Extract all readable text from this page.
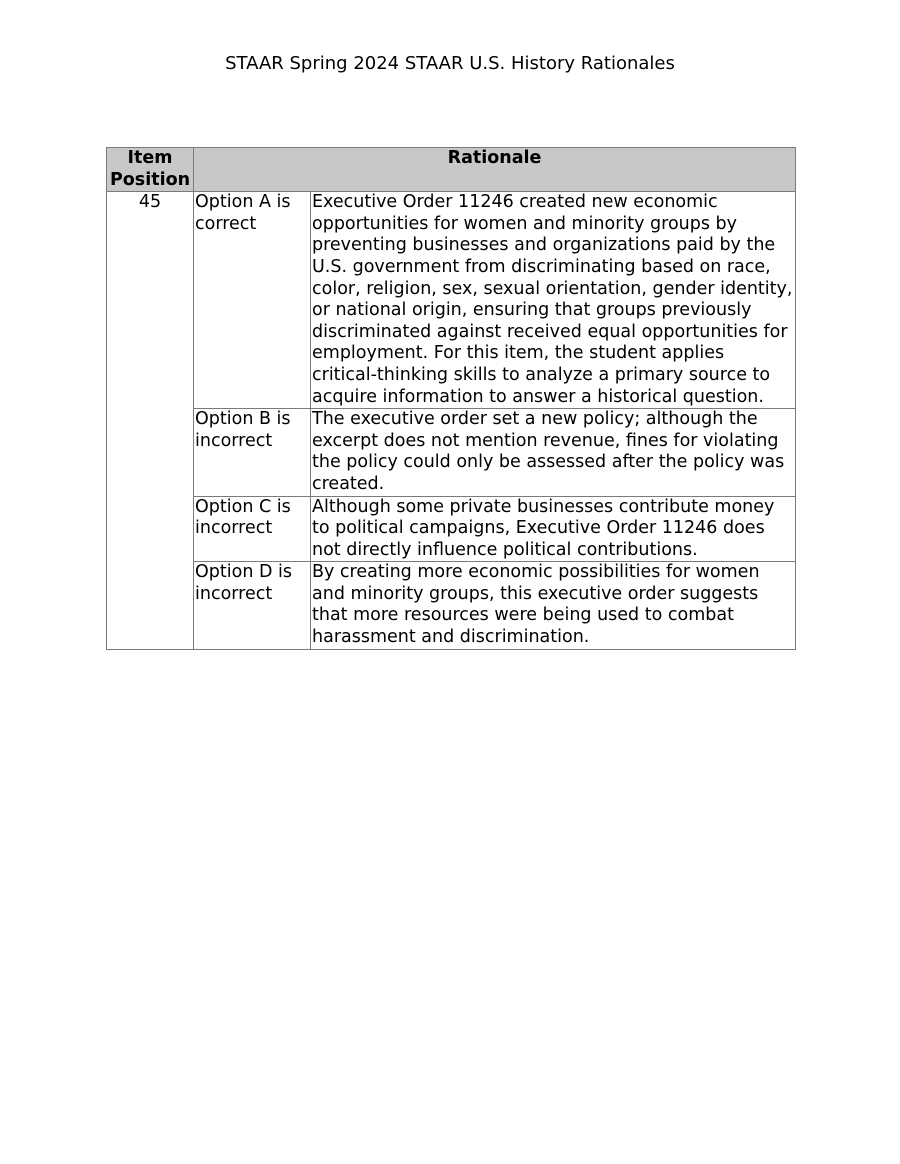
STAAR Spring 2024 STAAR U.S. History Rationales
Item Position	Rationale	
45	Option A is correct	Executive Order 11246 created new economic opportunities for women and minority groups by preventing businesses and organizations paid by the U.S. government from discriminating based on race, color, religion, sex, sexual orientation, gender identity, or national origin, ensuring that groups previously discriminated against received equal opportunities for employment. For this item, the student applies critical-thinking skills to analyze a primary source to acquire information to answer a historical question.
	Option B is incorrect	The executive order set a new policy; although the excerpt does not mention revenue, fines for violating the policy could only be assessed after the policy was created.
	Option C is incorrect	Although some private businesses contribute money to political campaigns, Executive Order 11246 does not directly influence political contributions.
	Option D is incorrect	By creating more economic possibilities for women and minority groups, this executive order suggests that more resources were being used to combat harassment and discrimination.
